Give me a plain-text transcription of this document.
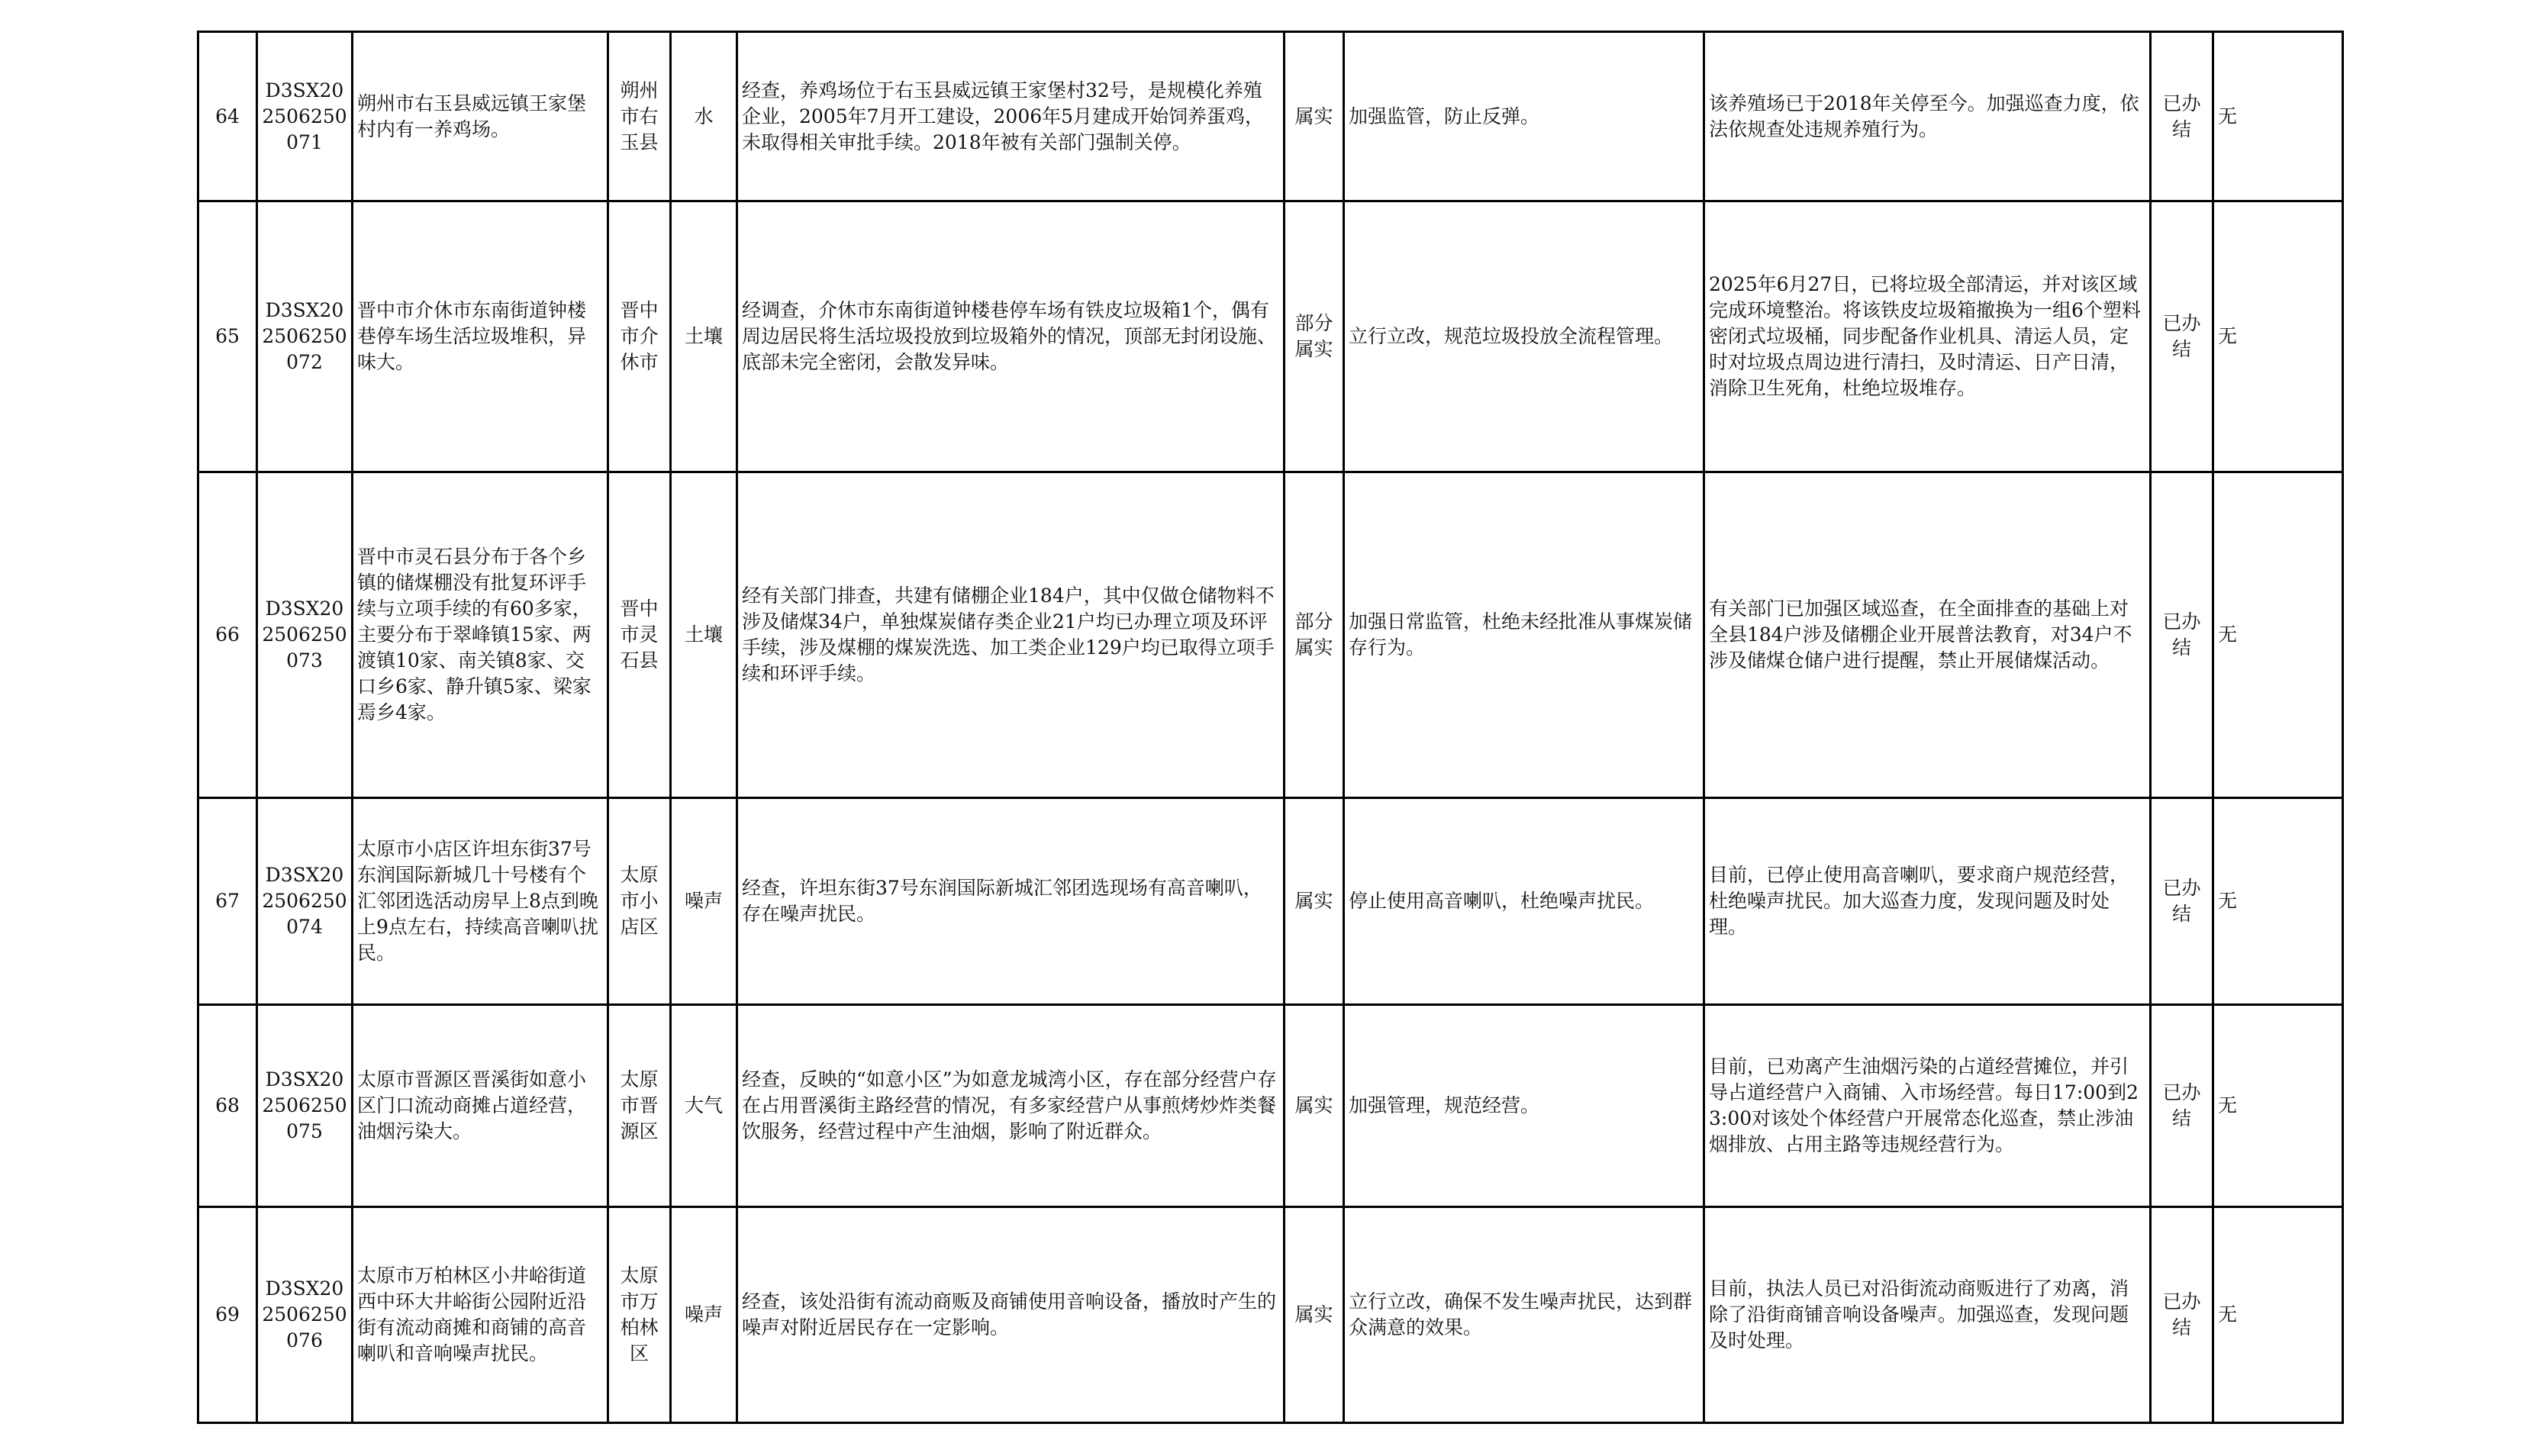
64	D3SX202506250071	朔州市右玉县威远镇王家堡村内有一养鸡场。	朔州市右玉县	水	经查，养鸡场位于右玉县威远镇王家堡村32号，是规模化养殖企业，2005年7月开工建设，2006年5月建成开始饲养蛋鸡，未取得相关审批手续。2018年被有关部门强制关停。	属实	加强监管，防止反弹。	该养殖场已于2018年关停至今。加强巡查力度，依法依规查处违规养殖行为。	已办结	无

65	D3SX202506250072	晋中市介休市东南街道钟楼巷停车场生活垃圾堆积，异味大。	晋中市介休市	土壤	经调查，介休市东南街道钟楼巷停车场有铁皮垃圾箱1个，偶有周边居民将生活垃圾投放到垃圾箱外的情况，顶部无封闭设施、底部未完全密闭，会散发异味。	部分属实	立行立改，规范垃圾投放全流程管理。	2025年6月27日，已将垃圾全部清运，并对该区域完成环境整治。将该铁皮垃圾箱撤换为一组6个塑料密闭式垃圾桶，同步配备作业机具、清运人员，定时对垃圾点周边进行清扫，及时清运、日产日清，消除卫生死角，杜绝垃圾堆存。	已办结	无

66	D3SX202506250073	晋中市灵石县分布于各个乡镇的储煤棚没有批复环评手续与立项手续的有60多家，主要分布于翠峰镇15家、两渡镇10家、南关镇8家、交口乡6家、静升镇5家、梁家焉乡4家。	晋中市灵石县	土壤	经有关部门排查，共建有储棚企业184户，其中仅做仓储物料不涉及储煤34户，单独煤炭储存类企业21户均已办理立项及环评手续，涉及煤棚的煤炭洗选、加工类企业129户均已取得立项手续和环评手续。	部分属实	加强日常监管，杜绝未经批准从事煤炭储存行为。	有关部门已加强区域巡查，在全面排查的基础上对全县184户涉及储棚企业开展普法教育，对34户不涉及储煤仓储户进行提醒，禁止开展储煤活动。	已办结	无

67	D3SX202506250074	太原市小店区许坦东街37号东润国际新城几十号楼有个汇邻团选活动房早上8点到晚上9点左右，持续高音喇叭扰民。	太原市小店区	噪声	经查，许坦东街37号东润国际新城汇邻团选现场有高音喇叭，存在噪声扰民。	属实	停止使用高音喇叭，杜绝噪声扰民。	目前，已停止使用高音喇叭，要求商户规范经营，杜绝噪声扰民。加大巡查力度，发现问题及时处理。	已办结	无

68	D3SX202506250075	太原市晋源区晋溪街如意小区门口流动商摊占道经营，油烟污染大。	太原市晋源区	大气	经查，反映的“如意小区”为如意龙城湾小区，存在部分经营户存在占用晋溪街主路经营的情况，有多家经营户从事煎烤炒炸类餐饮服务，经营过程中产生油烟，影响了附近群众。	属实	加强管理，规范经营。	目前，已劝离产生油烟污染的占道经营摊位，并引导占道经营户入商铺、入市场经营。每日17:00到23:00对该处个体经营户开展常态化巡查，禁止涉油烟排放、占用主路等违规经营行为。	已办结	无

69	D3SX202506250076	太原市万柏林区小井峪街道西中环大井峪街公园附近沿街有流动商摊和商铺的高音喇叭和音响噪声扰民。	太原市万柏林区	噪声	经查，该处沿街有流动商贩及商铺使用音响设备，播放时产生的噪声对附近居民存在一定影响。	属实	立行立改，确保不发生噪声扰民，达到群众满意的效果。	目前，执法人员已对沿街流动商贩进行了劝离，消除了沿街商铺音响设备噪声。加强巡查，发现问题及时处理。	已办结	无
